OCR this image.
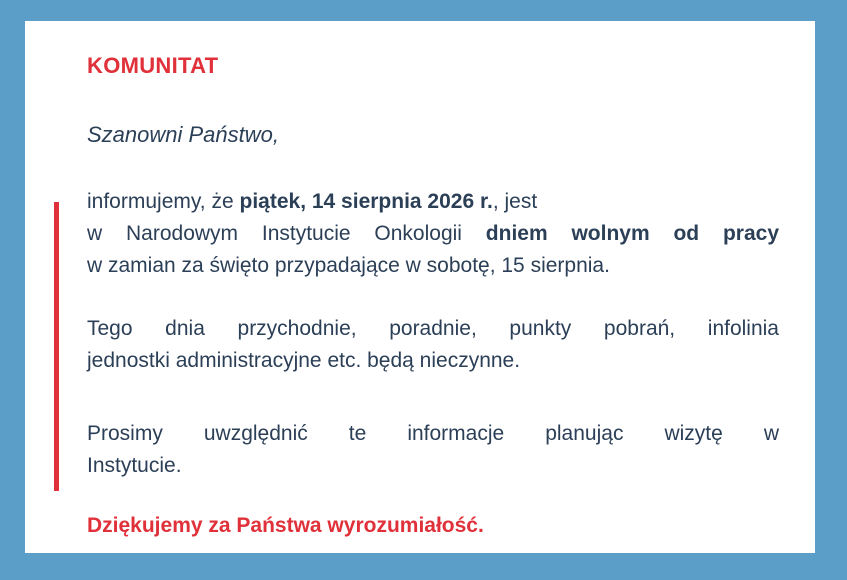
KOMUNITAT

Szanowni Państwo,

informujemy, że piątek, 14 sierpnia 2026 r., jest
w Narodowym Instytucie Onkologii dniem wolnym od pracy
w zamian za święto przypadające w sobotę, 15 sierpnia.

Tego dnia przychodnie, poradnie, punkty pobrań, infolinia
jednostki administracyjne etc. będą nieczynne.

Prosimy uwzględnić te informacje planując wizytę w
Instytucie.

Dziękujemy za Państwa wyrozumiałość.
